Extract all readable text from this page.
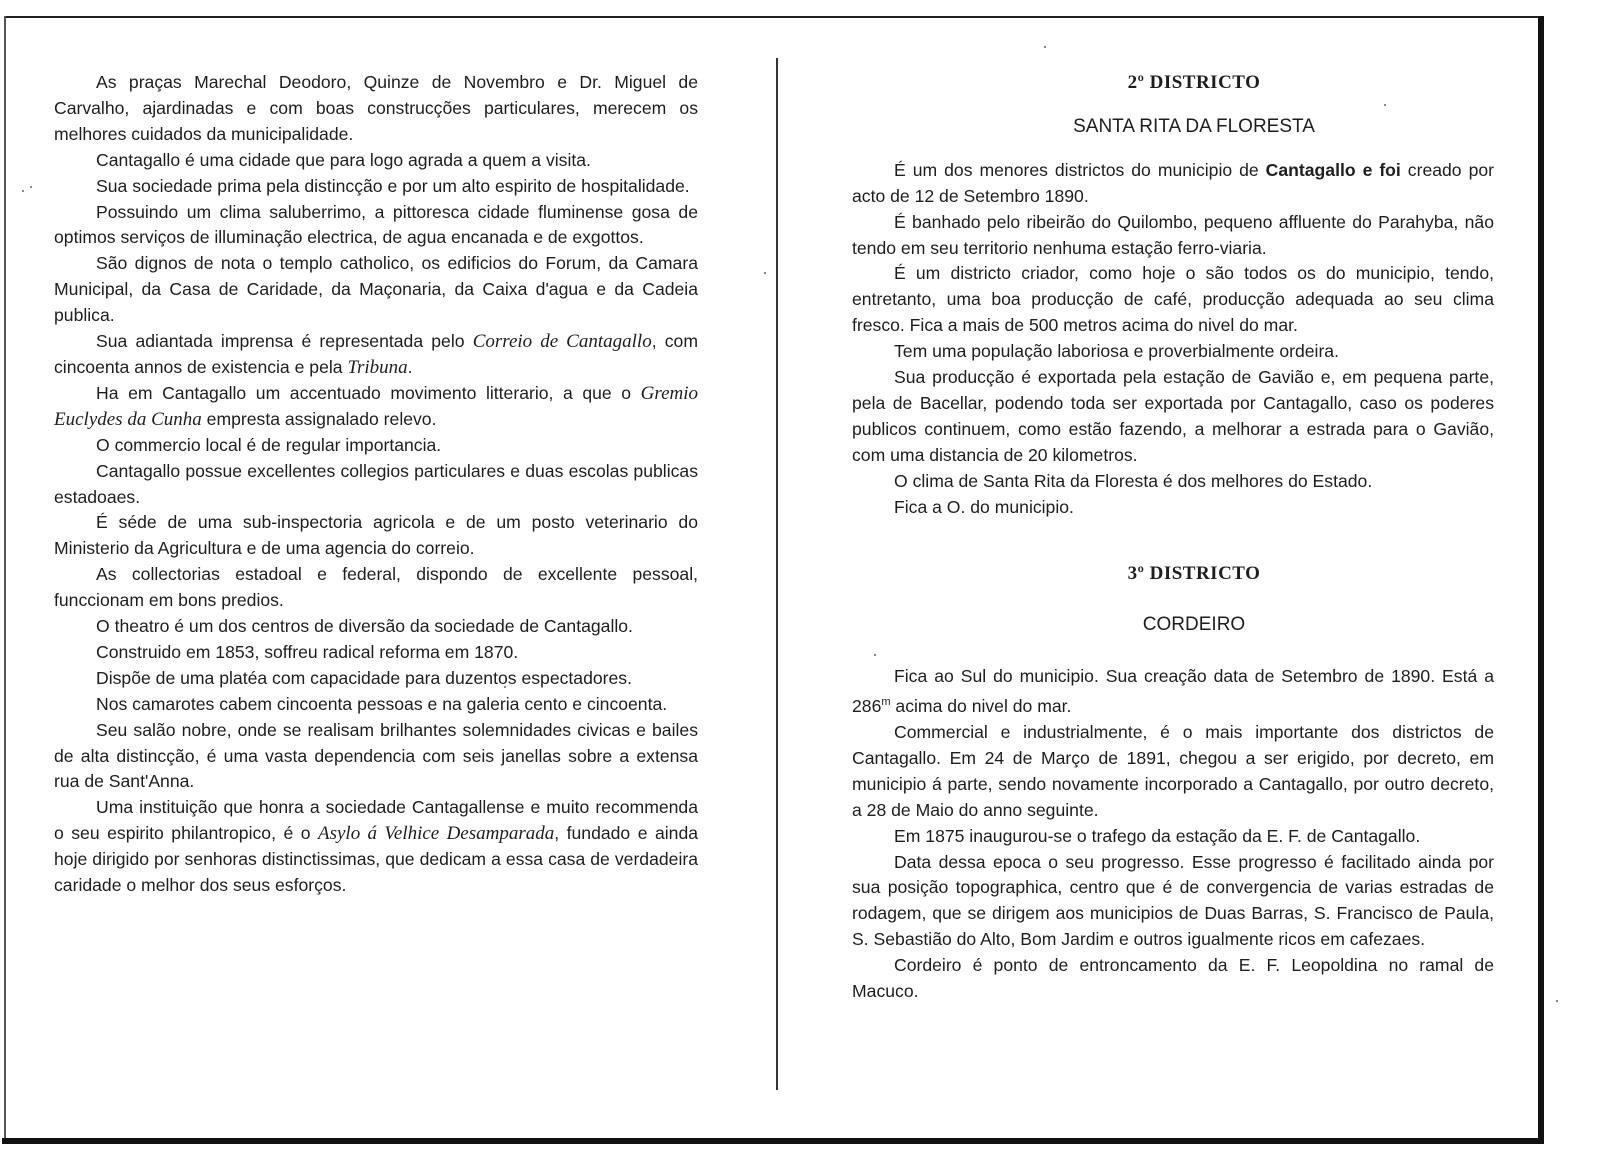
As praças Marechal Deodoro, Quinze de Novembro e Dr. Miguel de Carvalho, ajardinadas e com boas construcções particulares, merecem os melhores cuidados da municipalidade.

Cantagallo é uma cidade que para logo agrada a quem a visita.

Sua sociedade prima pela distincção e por um alto espirito de hospitalidade.

Possuindo um clima saluberrimo, a pittoresca cidade fluminense gosa de optimos serviços de illuminação electrica, de agua encanada e de exgottos.

São dignos de nota o templo catholico, os edificios do Forum, da Camara Municipal, da Casa de Caridade, da Maçonaria, da Caixa d'agua e da Cadeia publica.

Sua adiantada imprensa é representada pelo Correio de Cantagallo, com cincoenta annos de existencia e pela Tribuna.

Ha em Cantagallo um accentuado movimento litterario, a que o Gremio Euclydes da Cunha empresta assignalado relevo.

O commercio local é de regular importancia.

Cantagallo possue excellentes collegios particulares e duas escolas publicas estadoaes.

É séde de uma sub-inspectoria agricola e de um posto veterinario do Ministerio da Agricultura e de uma agencia do correio.

As collectorias estadoal e federal, dispondo de excellente pessoal, funccionam em bons predios.

O theatro é um dos centros de diversão da sociedade de Cantagallo.

Construido em 1853, soffreu radical reforma em 1870.

Dispõe de uma platéa com capacidade para duzentos espectadores.

Nos camarotes cabem cincoenta pessoas e na galeria cento e cincoenta.

Seu salão nobre, onde se realisam brilhantes solemnidades civicas e bailes de alta distincção, é uma vasta dependencia com seis janellas sobre a extensa rua de Sant'Anna.

Uma instituição que honra a sociedade Cantagallense e muito recommenda o seu espirito philantropico, é o Asylo á Velhice Desamparada, fundado e ainda hoje dirigido por senhoras distinctissimas, que dedicam a essa casa de verdadeira caridade o melhor dos seus esforços.

2º DISTRICTO

SANTA RITA DA FLORESTA

É um dos menores districtos do municipio de Cantagallo e foi creado por acto de 12 de Setembro 1890.

É banhado pelo ribeirão do Quilombo, pequeno affluente do Parahyba, não tendo em seu territorio nenhuma estação ferro-viaria.

É um districto criador, como hoje o são todos os do municipio, tendo, entretanto, uma boa producção de café, producção adequada ao seu clima fresco. Fica a mais de 500 metros acima do nivel do mar.

Tem uma população laboriosa e proverbialmente ordeira.

Sua producção é exportada pela estação de Gavião e, em pequena parte, pela de Bacellar, podendo toda ser exportada por Cantagallo, caso os poderes publicos continuem, como estão fazendo, a melhorar a estrada para o Gavião, com uma distancia de 20 kilometros.

O clima de Santa Rita da Floresta é dos melhores do Estado.

Fica a O. do municipio.

3º DISTRICTO

CORDEIRO

Fica ao Sul do municipio. Sua creação data de Setembro de 1890. Está a 286$^m$ acima do nivel do mar.

Commercial e industrialmente, é o mais importante dos districtos de Cantagallo. Em 24 de Março de 1891, chegou a ser erigido, por decreto, em municipio á parte, sendo novamente incorporado a Cantagallo, por outro decreto, a 28 de Maio do anno seguinte.

Em 1875 inaugurou-se o trafego da estação da E. F. de Cantagallo.

Data dessa epoca o seu progresso. Esse progresso é facilitado ainda por sua posição topographica, centro que é de convergencia de varias estradas de rodagem, que se dirigem aos municipios de Duas Barras, S. Francisco de Paula, S. Sebastião do Alto, Bom Jardim e outros igualmente ricos em cafezaes.

Cordeiro é ponto de entroncamento da E. F. Leopoldina no ramal de Macuco.
